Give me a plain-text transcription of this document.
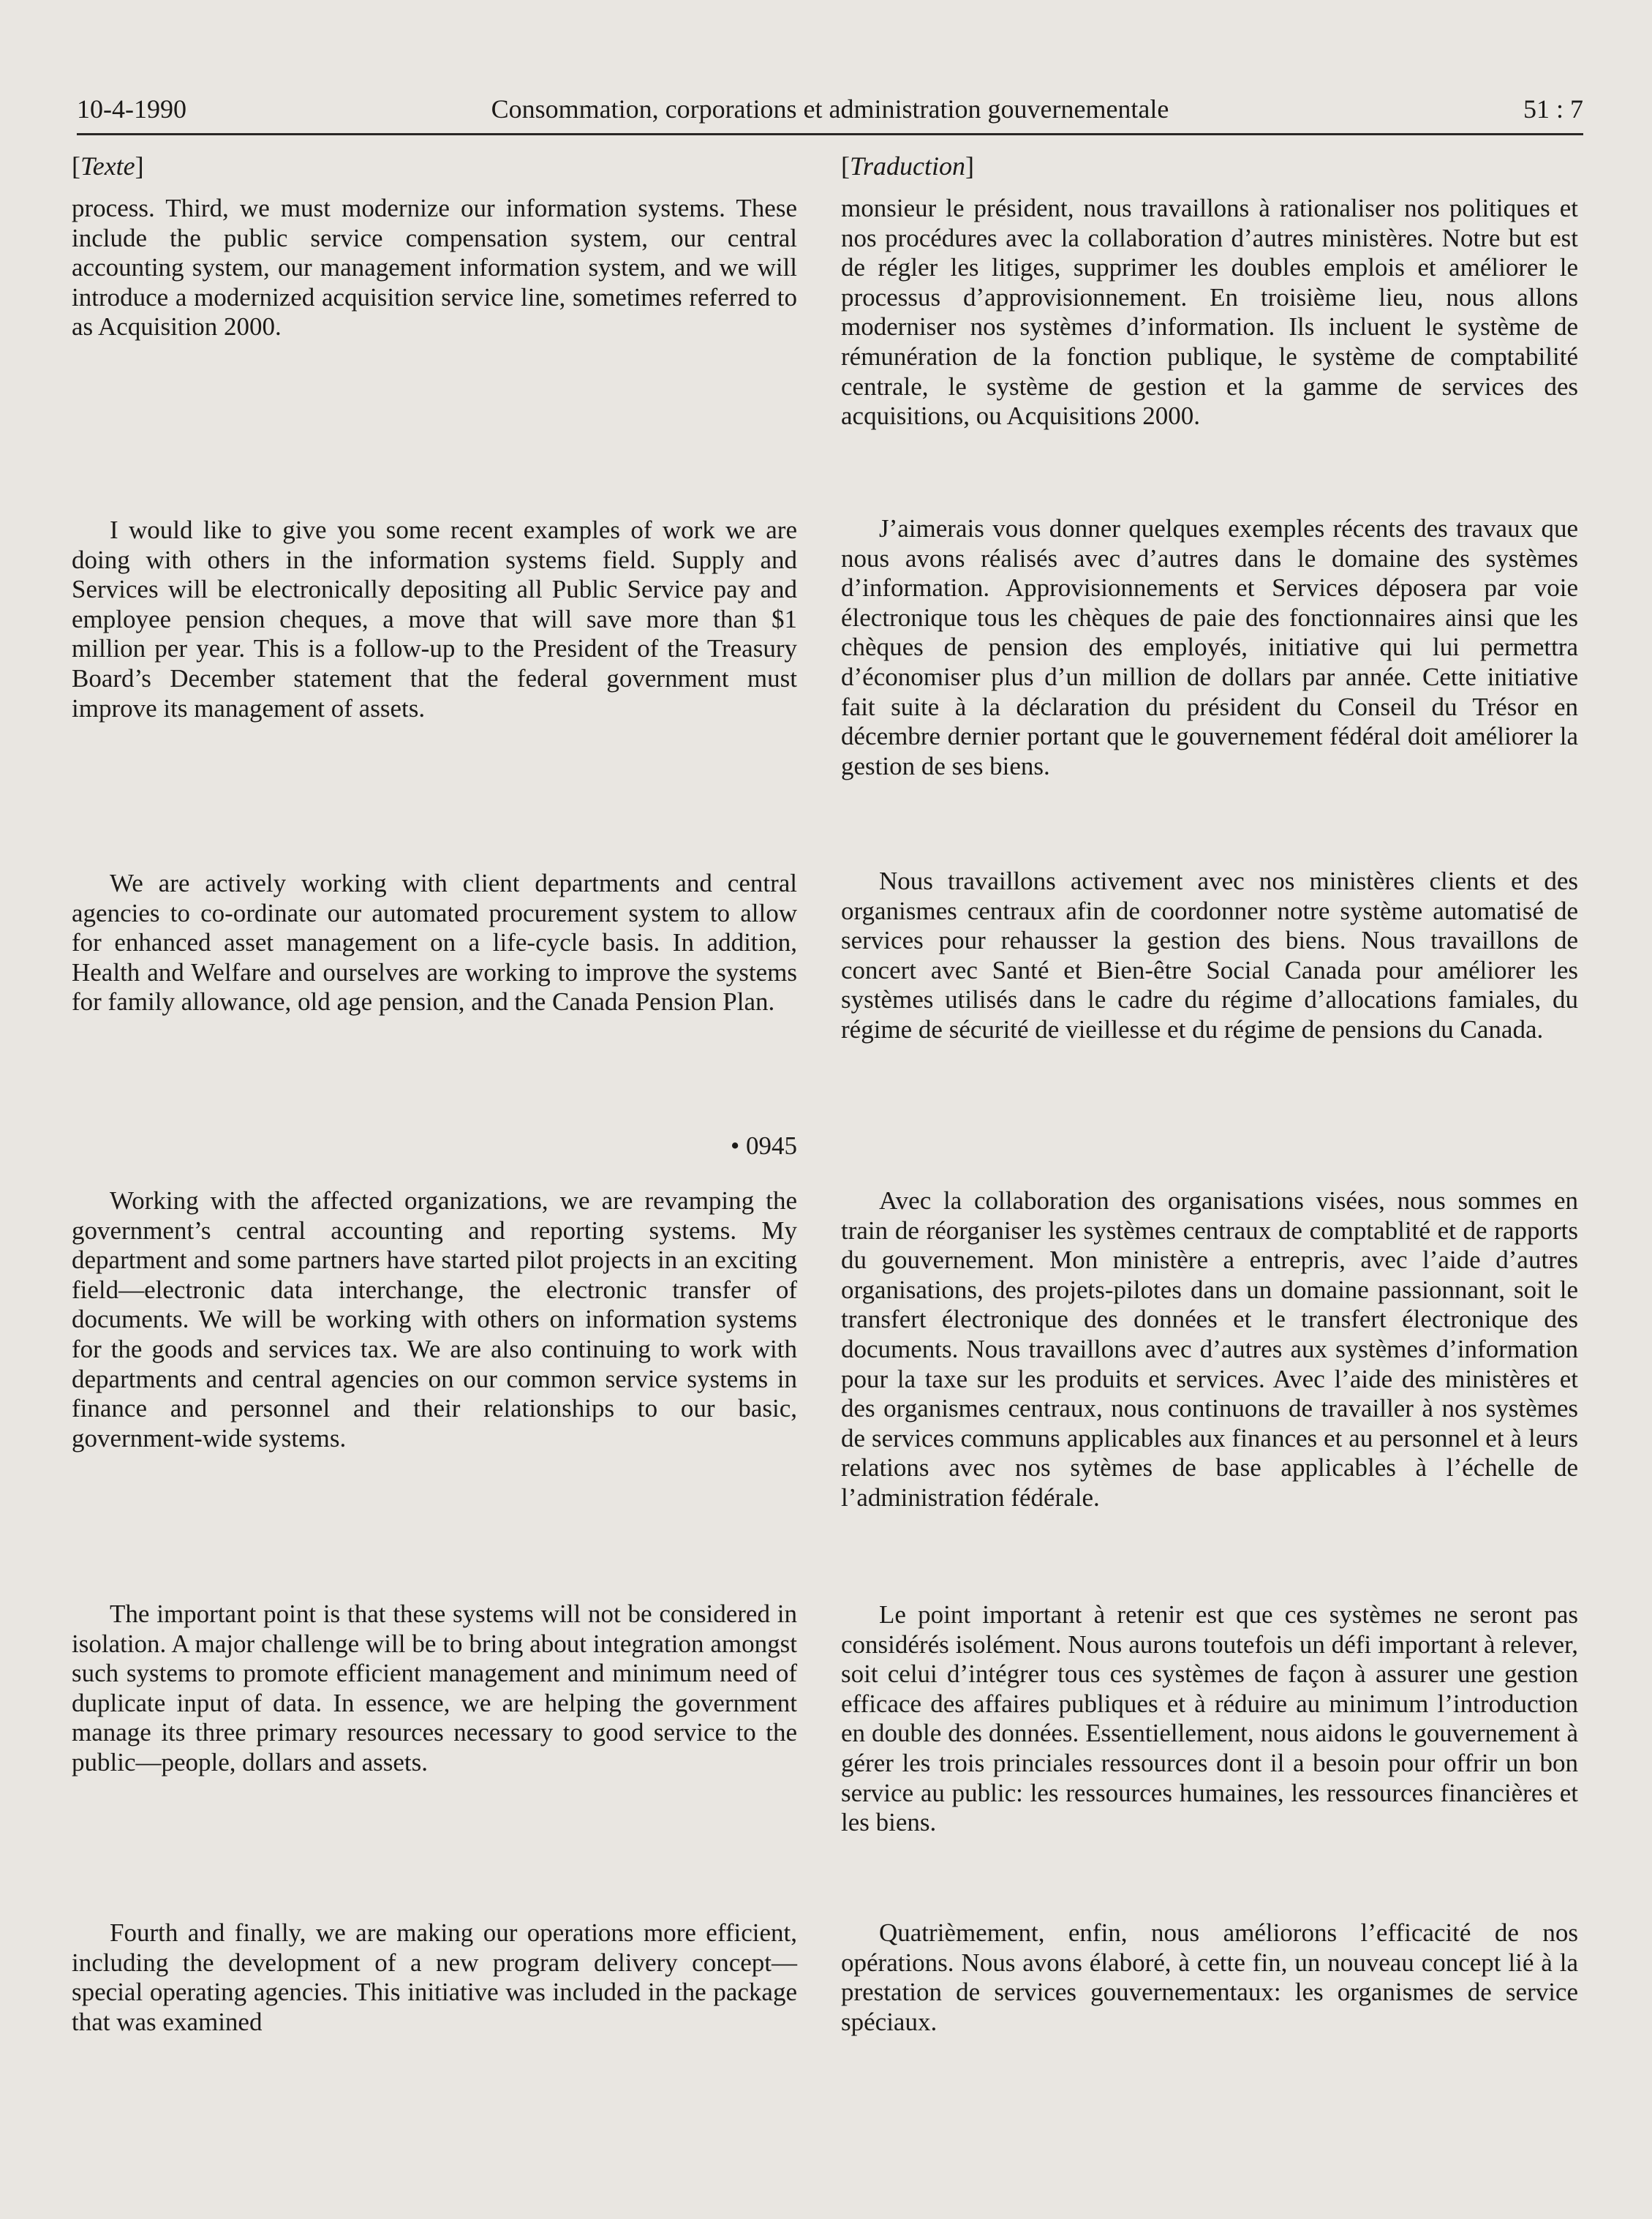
10-4-1990	Consommation, corporations et administration gouvernementale	51 : 7
[Texte]
process. Third, we must modernize our information systems. These include the public service compensation system, our central accounting system, our management information system, and we will introduce a modernized acquisition service line, sometimes referred to as Acquisition 2000.
I would like to give you some recent examples of work we are doing with others in the information systems field. Supply and Services will be electronically depositing all Public Service pay and employee pension cheques, a move that will save more than $1 million per year. This is a follow-up to the President of the Treasury Board’s December statement that the federal government must improve its management of assets.
We are actively working with client departments and central agencies to co-ordinate our automated procurement system to allow for enhanced asset management on a life-cycle basis. In addition, Health and Welfare and ourselves are working to improve the systems for family allowance, old age pension, and the Canada Pension Plan.
• 0945
Working with the affected organizations, we are revamping the government’s central accounting and reporting systems. My department and some partners have started pilot projects in an exciting field—electronic data interchange, the electronic transfer of documents. We will be working with others on information systems for the goods and services tax. We are also continuing to work with departments and central agencies on our common service systems in finance and personnel and their relationships to our basic, government-wide systems.
The important point is that these systems will not be considered in isolation. A major challenge will be to bring about integration amongst such systems to promote efficient management and minimum need of duplicate input of data. In essence, we are helping the government manage its three primary resources necessary to good service to the public—people, dollars and assets.
Fourth and finally, we are making our operations more efficient, including the development of a new program delivery concept—special operating agencies. This initiative was included in the package that was examined
[Traduction]
monsieur le président, nous travaillons à rationaliser nos politiques et nos procédures avec la collaboration d’autres ministères. Notre but est de régler les litiges, supprimer les doubles emplois et améliorer le processus d’approvisionnement. En troisième lieu, nous allons moderniser nos systèmes d’information. Ils incluent le système de rémunération de la fonction publique, le système de comptabilité centrale, le système de gestion et la gamme de services des acquisitions, ou Acquisitions 2000.
J’aimerais vous donner quelques exemples récents des travaux que nous avons réalisés avec d’autres dans le domaine des systèmes d’information. Approvisionnements et Services déposera par voie électronique tous les chèques de paie des fonctionnaires ainsi que les chèques de pension des employés, initiative qui lui permettra d’économiser plus d’un million de dollars par année. Cette initiative fait suite à la déclaration du président du Conseil du Trésor en décembre dernier portant que le gouvernement fédéral doit améliorer la gestion de ses biens.
Nous travaillons activement avec nos ministères clients et des organismes centraux afin de coordonner notre système automatisé de services pour rehausser la gestion des biens. Nous travaillons de concert avec Santé et Bien-être Social Canada pour améliorer les systèmes utilisés dans le cadre du régime d’allocations famiales, du régime de sécurité de vieillesse et du régime de pensions du Canada.
Avec la collaboration des organisations visées, nous sommes en train de réorganiser les systèmes centraux de comptablité et de rapports du gouvernement. Mon ministère a entrepris, avec l’aide d’autres organisations, des projets-pilotes dans un domaine passionnant, soit le transfert électronique des données et le transfert électronique des documents. Nous travaillons avec d’autres aux systèmes d’information pour la taxe sur les produits et services. Avec l’aide des ministères et des organismes centraux, nous continuons de travailler à nos systèmes de services communs applicables aux finances et au personnel et à leurs relations avec nos sytèmes de base applicables à l’échelle de l’administration fédérale.
Le point important à retenir est que ces systèmes ne seront pas considérés isolément. Nous aurons toutefois un défi important à relever, soit celui d’intégrer tous ces systèmes de façon à assurer une gestion efficace des affaires publiques et à réduire au minimum l’introduction en double des données. Essentiellement, nous aidons le gouvernement à gérer les trois princiales ressources dont il a besoin pour offrir un bon service au public: les ressources humaines, les ressources financières et les biens.
Quatrièmement, enfin, nous améliorons l’efficacité de nos opérations. Nous avons élaboré, à cette fin, un nouveau concept lié à la prestation de services gouvernementaux: les organismes de service spéciaux.
